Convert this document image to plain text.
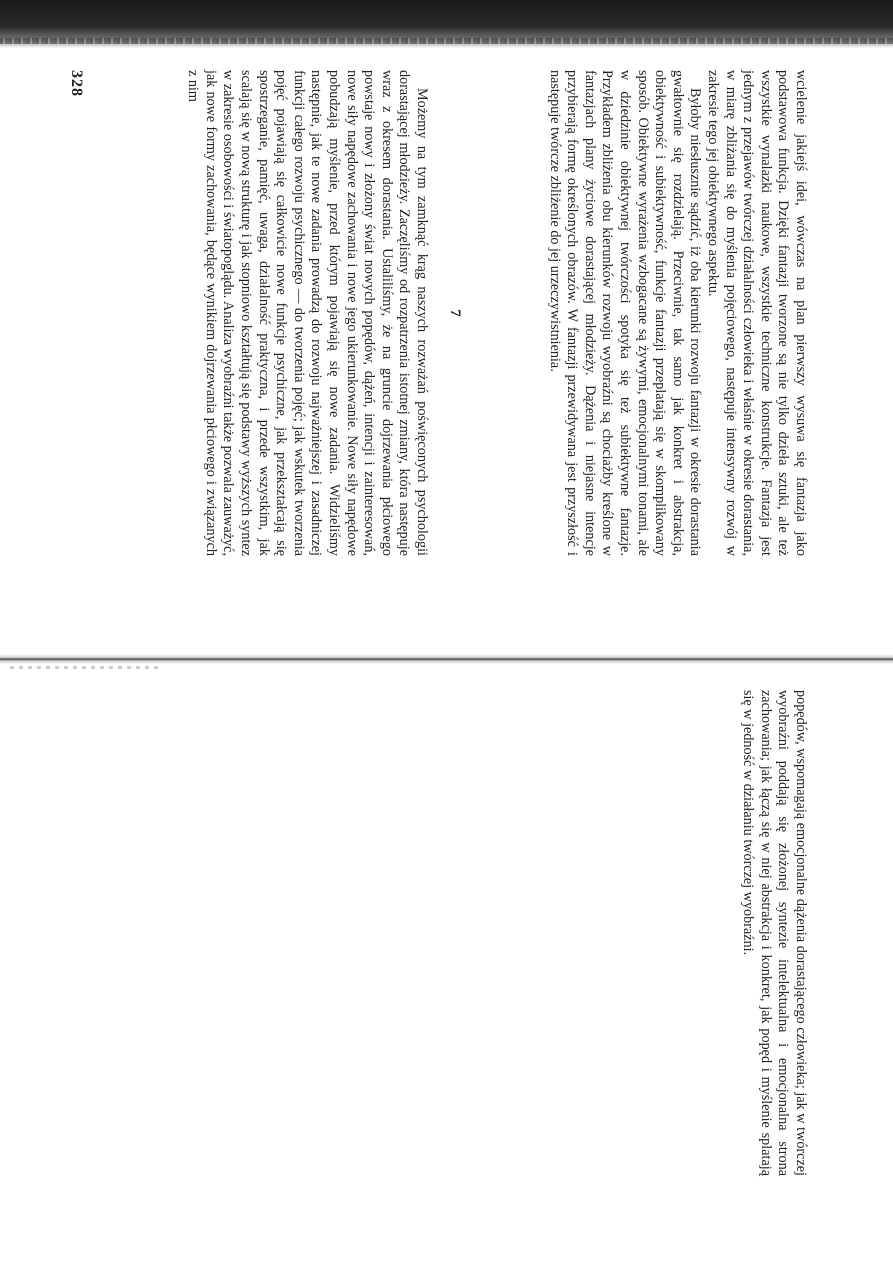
wcielenie jakiejś idei, wówczas na plan pierwszy wysuwa się fantazja jako podstawowa funkcja. Dzięki fantazji tworzone są nie tylko dzieła sztuki, ale też wszystkie wynalazki naukowe, wszystkie techniczne konstrukcje. Fantazja jest jednym z przejawów twórczej działalności człowieka i właśnie w okresie dorastania, w miarę zbliżania się do myślenia pojęciowego, następuje intensywny rozwój w zakresie tego jej obiektywnego aspektu.

Byłoby niesłusznie sądzić, iż oba kierunki rozwoju fantazji w okresie dorastania gwałtownie się rozdzielają. Przeciwnie, tak samo jak konkret i abstrakcja, obiektywność i subiektywność, funkcje fantazji przeplatają się w skomplikowany sposób. Obiektywne wyrażenia wzbogacane są żywymi, emocjonalnymi tonami, ale w dziedzinie obiektywnej twórczości spotyka się też subiektywne fantazje. Przykładem zbliżenia obu kierunków rozwoju wyobraźni są chociażby kreślone w fantazjach plany życiowe dorastającej młodzieży. Dążenia i niejasne intencje przybierają formę określonych obrazów. W fantazji przewidywana jest przyszłość i następuje twórcze zbliżenie do jej urzeczywistnienia.

7

Możemy na tym zamknąć krąg naszych rozważań poświęconych psychologii dorastającej młodzieży. Zaczęliśmy od rozpatrzenia istotnej zmiany, która następuje wraz z okresem dorastania. Ustaliliśmy, że na gruncie dojrzewania płciowego powstaje nowy i złożony świat nowych popędów, dążeń, intencji i zainteresowań, nowe siły napędowe zachowania i nowe jego ukierunkowanie. Nowe siły napędowe pobudzają myślenie, przed którym pojawiają się nowe zadania. Widzieliśmy następnie, jak te nowe zadania prowadzą do rozwoju najważniejszej i zasadniczej funkcji całego rozwoju psychicznego — do tworzenia pojęć; jak wskutek tworzenia pojęć pojawiają się całkowicie nowe funkcje psychiczne, jak przekształcają się spostrzeganie, pamięć, uwaga, działalność praktyczna, i przede wszystkim, jak scalają się w nową strukturę i jak stopniowo kształtują się podstawy wyższych syntez w zakresie osobowości i światopoglądu. Analiza wyobraźni także pozwala zauważyć, jak nowe formy zachowania, będące wynikiem dojrzewania płciowego i związanych z nim

328

popędów, wspomagają emocjonalne dążenia dorastającego człowieka; jak w twórczej wyobraźni poddają się złożonej syntezie intelektualna i emocjonalna strona zachowania; jak łączą się w niej abstrakcja i konkret, jak popęd i myślenie splatają się w jedność w działaniu twórczej wyobraźni.
